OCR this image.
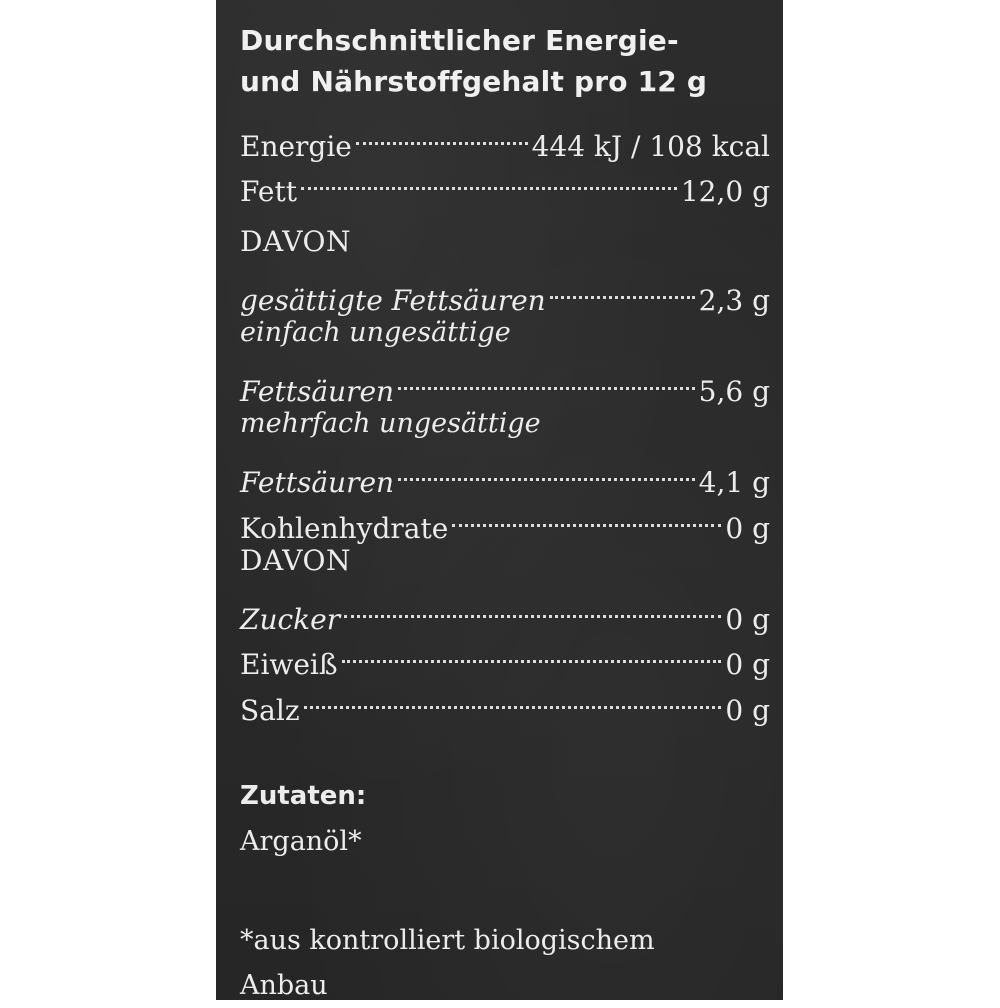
Durchschnittlicher Energie-
und Nährstoffgehalt pro 12 g
Energie	444 kJ / 108 kcal
Fett	12,0 g
DAVON
gesättigte Fettsäuren	2,3 g
einfach ungesättige
Fettsäuren	5,6 g
mehrfach ungesättige
Fettsäuren	4,1 g
Kohlenhydrate	0 g
DAVON
Zucker	0 g
Eiweiß	0 g
Salz	0 g
Zutaten:
Arganöl*
*aus kontrolliert biologischem
Anbau
